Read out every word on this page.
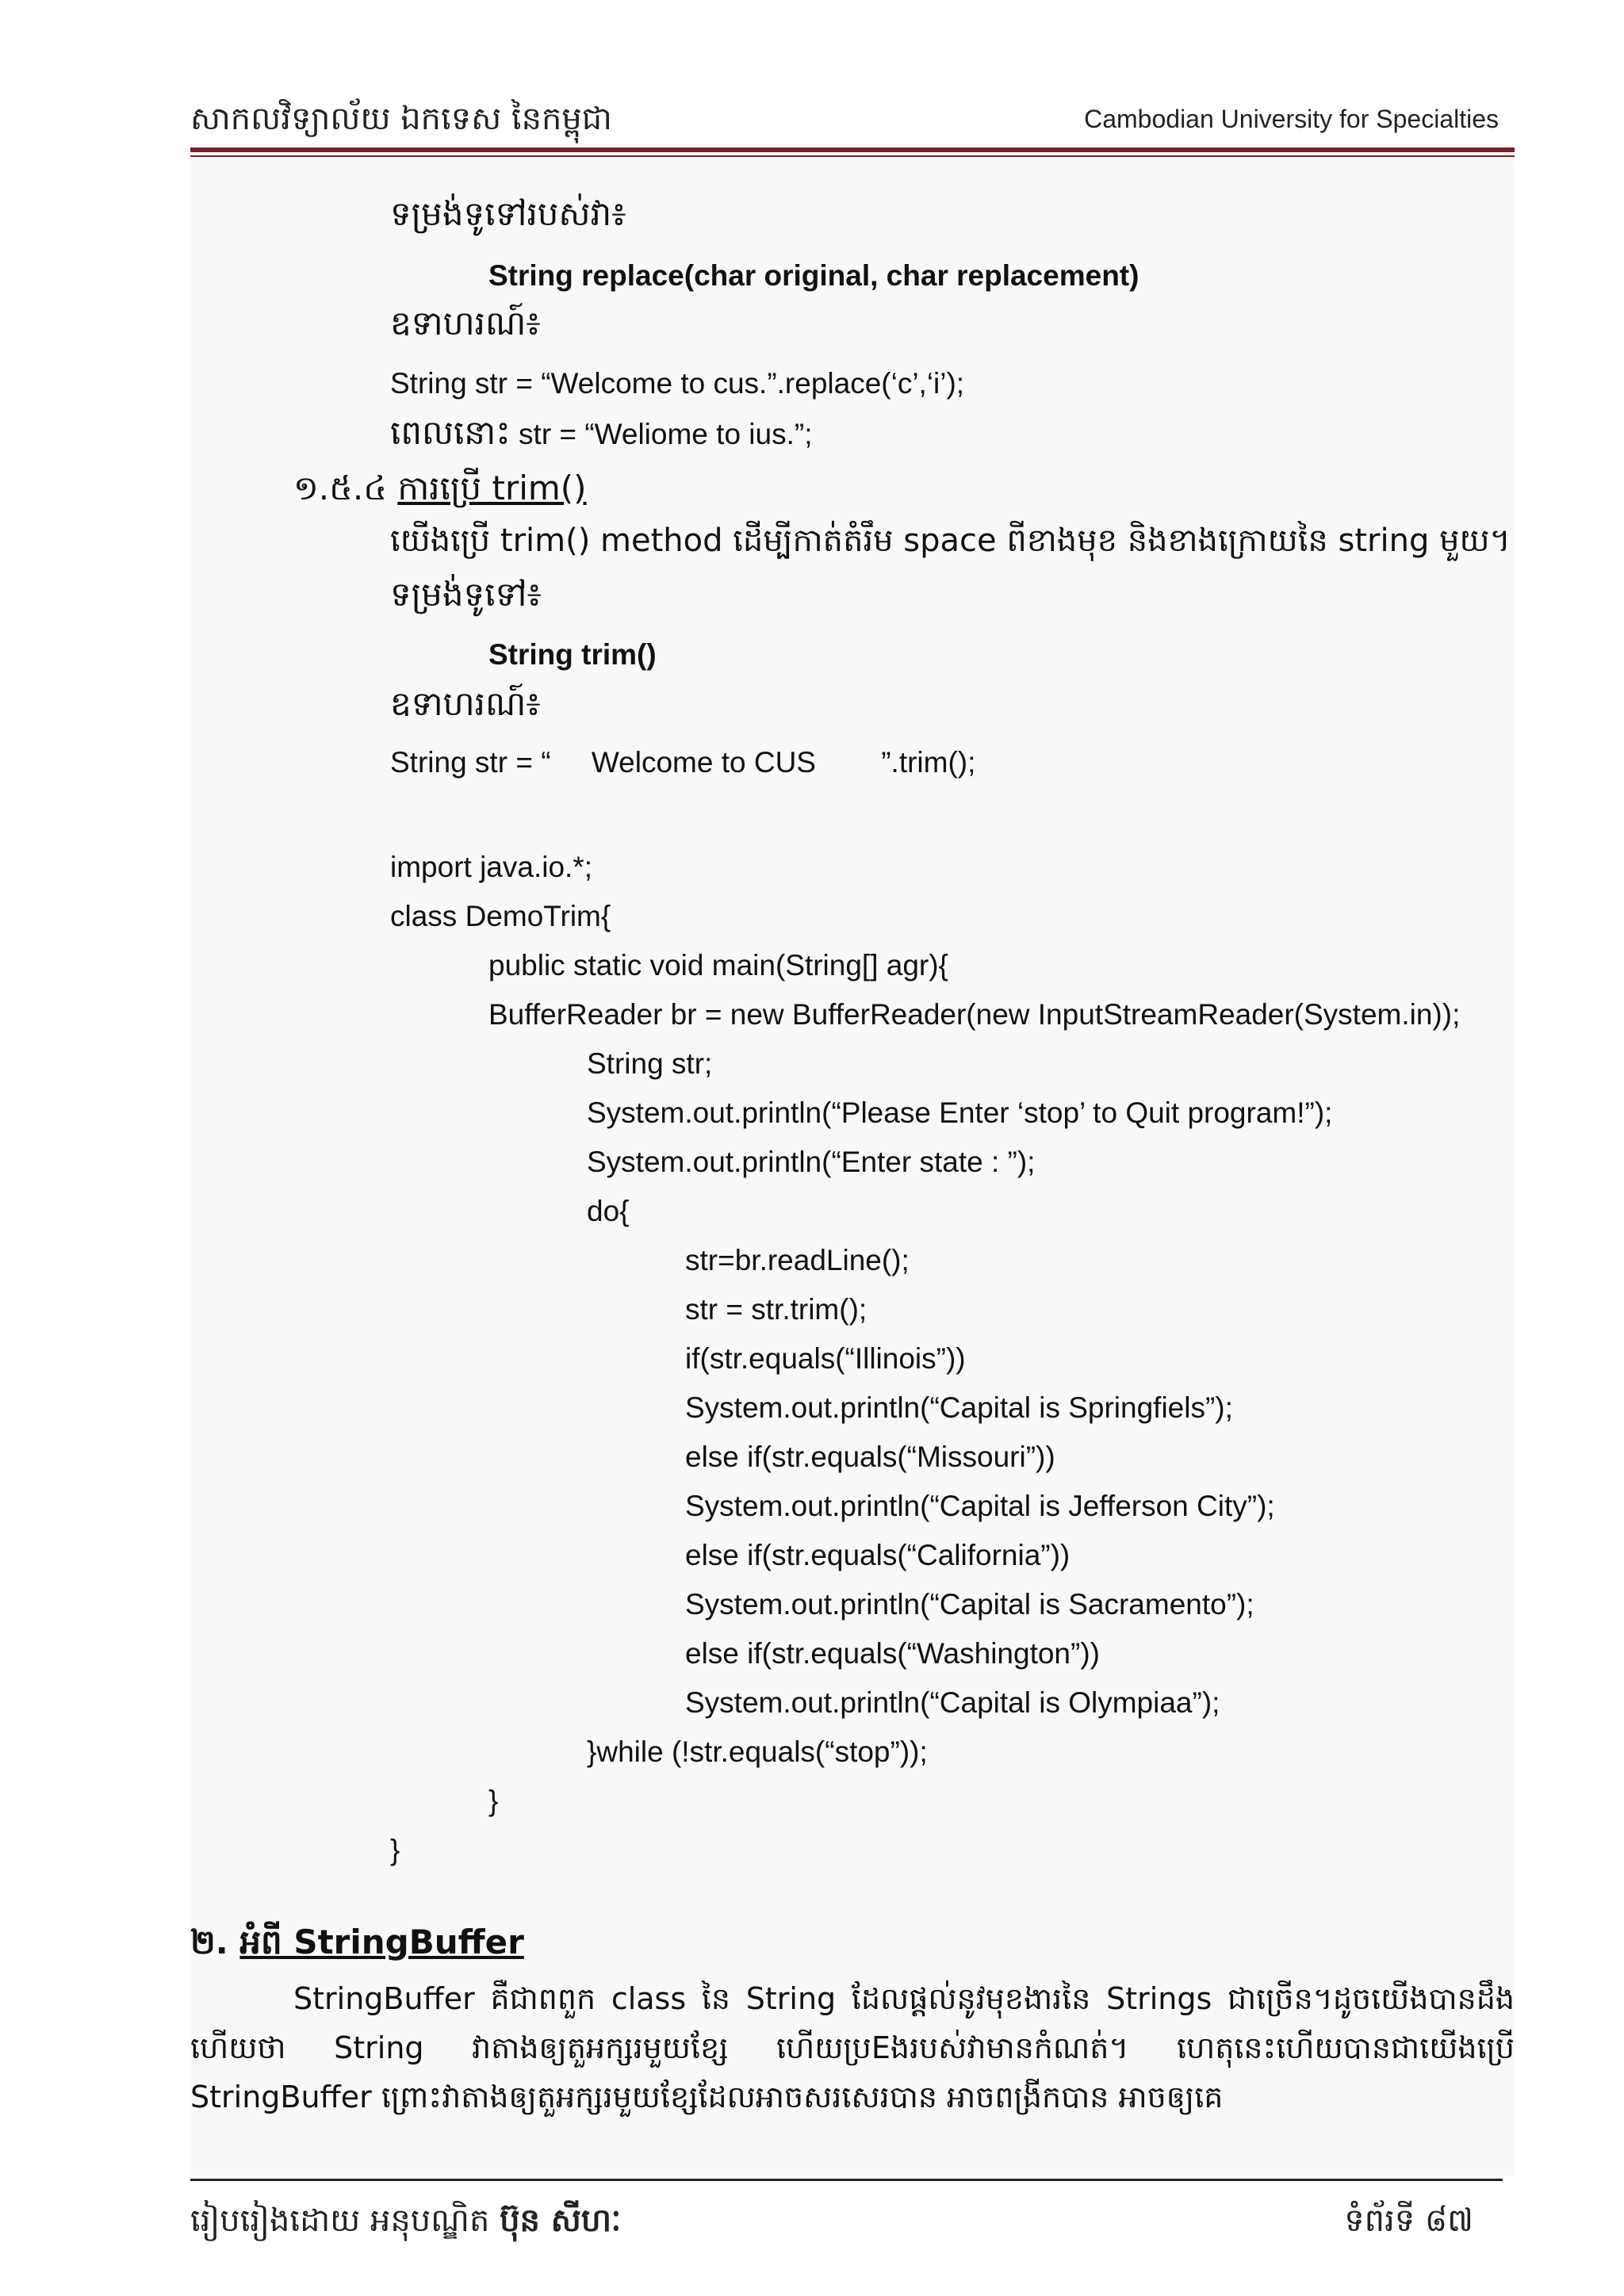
សាកលវិទ្យាល័យ ឯកទេស នៃកម្ពុជា	Cambodian University for Specialties
ទម្រង់ទូទៅរបស់វា៖
String replace(char original, char replacement)
ឧទាហរណ៍៖
String str = “Welcome to cus.”.replace(‘c’,‘i’);
ពេលនោះ str = “Weliome to ius.”;
១.៥.៤ ការប្រើ trim()
យើងប្រើ trim() method ដើម្បីកាត់តំរឹម space ពីខាងមុខ និងខាងក្រោយនៃ string មួយ។
ទម្រង់ទូទៅ៖
String trim()
ឧទាហរណ៍៖
String str = “     Welcome to CUS        ”.trim();
import java.io.*;
class DemoTrim{
public static void main(String[] agr){
BufferReader br = new BufferReader(new InputStreamReader(System.in));
String str;
System.out.println(“Please Enter ‘stop’ to Quit program!”);
System.out.println(“Enter state : ”);
do{
str=br.readLine();
str = str.trim();
if(str.equals(“Illinois”))
System.out.println(“Capital is Springfiels”);
else if(str.equals(“Missouri”))
System.out.println(“Capital is Jefferson City”);
else if(str.equals(“California”))
System.out.println(“Capital is Sacramento”);
else if(str.equals(“Washington”))
System.out.println(“Capital is Olympiaa”);
}while (!str.equals(“stop”));
}
}
២. អំពី StringBuffer
StringBuffer គឺជាពពួក class នៃ String ដែលផ្តល់នូវមុខងារនៃ Strings ជាច្រើន។ដូចយើងបានដឹងហើយថា String វាតាងឲ្យតួអក្សរមួយខ្សែ ហើយប្រEងរបស់វាមានកំណត់។ ហេតុនេះហើយបានជាយើងប្រើ StringBuffer ព្រោះវាតាងឲ្យតួអក្សរមួយខ្សែដែលអាចសរសេរបាន អាចពង្រីកបាន អាចឲ្យគេ
រៀបរៀងដោយ អនុបណ្ឌិត ប៊ុន សីហៈ	ទំព័រទី ៨៧
